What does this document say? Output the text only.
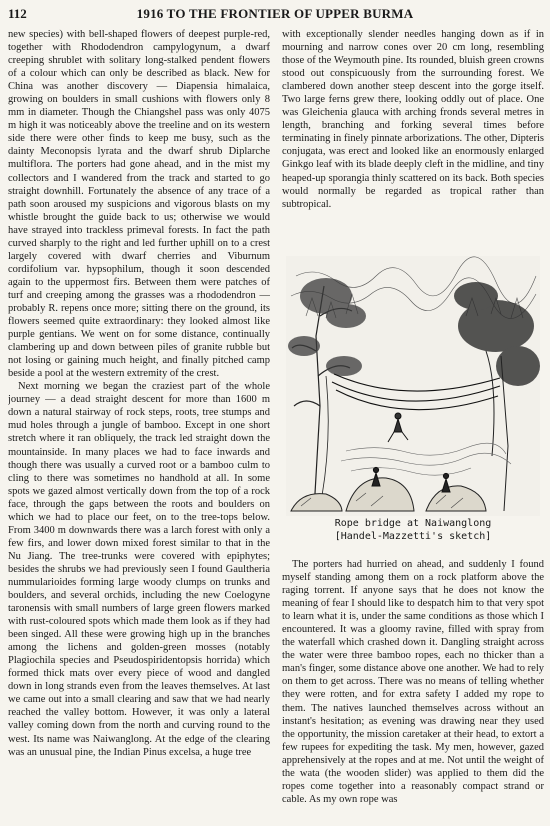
112	1916 TO THE FRONTIER OF UPPER BURMA

new species) with bell-shaped flowers of deepest purple-red, together with Rhododendron campylogynum, a dwarf creeping shrublet with solitary long-stalked pendent flowers of a colour which can only be described as black. New for China was another discovery — Diapensia himalaica, growing on boulders in small cushions with flowers only 8 mm in diameter. Though the Chiangshel pass was only 4075 m high it was noticeably above the treeline and on its western side there were other finds to keep me busy, such as the dainty Meconopsis lyrata and the dwarf shrub Diplarche multiflora. The porters had gone ahead, and in the mist my collectors and I wandered from the track and started to go straight downhill. Fortunately the absence of any trace of a path soon aroused my suspicions and vigorous blasts on my whistle brought the guide back to us; otherwise we would have strayed into trackless primeval forests. In fact the path curved sharply to the right and led further uphill on to a crest largely covered with dwarf cherries and Viburnum cordifolium var. hypsophilum, though it soon descended again to the uppermost firs. Between them were patches of turf and creeping among the grasses was a rhododendron — probably R. repens once more; sitting there on the ground, its flowers seemed quite extraordinary: they looked almost like purple gentians. We went on for some distance, continually clambering up and down between piles of granite rubble but not losing or gaining much height, and finally pitched camp beside a pool at the western extremity of the crest.

Next morning we began the craziest part of the whole journey — a dead straight descent for more than 1600 m down a natural stairway of rock steps, roots, tree stumps and mud holes through a jungle of bamboo. Except in one short stretch where it ran obliquely, the track led straight down the mountainside. In many places we had to face inwards and though there was usually a curved root or a bamboo culm to cling to there was sometimes no handhold at all. In some spots we gazed almost vertically down from the top of a rock face, through the gaps between the roots and boulders on which we had to place our feet, on to the tree-tops below. From 3400 m downwards there was a larch forest with only a few firs, and lower down mixed forest similar to that in the Nu Jiang. The tree-trunks were covered with epiphytes; besides the shrubs we had previously seen I found Gaultheria nummularioides forming large woody clumps on trunks and boulders, and several orchids, including the new Coelogyne taronensis with small numbers of large green flowers marked with rust-coloured spots which made them look as if they had been singed. All these were growing high up in the branches among the lichens and golden-green mosses (notably Plagiochila species and Pseudospiridentopsis horrida) which formed thick mats over every piece of wood and dangled down in long strands even from the leaves themselves. At last we came out into a small clearing and saw that we had nearly reached the valley bottom. However, it was only a lateral valley coming down from the north and curving round to the west. Its name was Naiwanglong. At the edge of the clearing was an unusual pine, the Indian Pinus excelsa, a huge tree

with exceptionally slender needles hanging down as if in mourning and narrow cones over 20 cm long, resembling those of the Weymouth pine. Its rounded, bluish green crowns stood out conspicuously from the surrounding forest. We clambered down another steep descent into the gorge itself. Two large ferns grew there, looking oddly out of place. One was Gleichenia glauca with arching fronds several metres in length, branching and forking several times before terminating in finely pinnate arborizations. The other, Dipteris conjugata, was erect and looked like an enormously enlarged Ginkgo leaf with its blade deeply cleft in the midline, and tiny heaped-up sporangia thinly scattered on its back. Both species would normally be regarded as tropical rather than subtropical.

Rope bridge at Naiwanglong
[Handel-Mazzetti's sketch]

The porters had hurried on ahead, and suddenly I found myself standing among them on a rock platform above the raging torrent. If anyone says that he does not know the meaning of fear I should like to despatch him to that very spot to learn what it is, under the same conditions as those which I encountered. It was a gloomy ravine, filled with spray from the waterfall which crashed down it. Dangling straight across the water were three bamboo ropes, each no thicker than a man's finger, some distance above one another. We had to rely on them to get across. There was no means of telling whether they were rotten, and for extra safety I added my rope to them. The natives launched themselves across without an instant's hesitation; as evening was drawing near they used the opportunity, the mission caretaker at their head, to extort a few rupees for expediting the task. My men, however, gazed apprehensively at the ropes and at me. Not until the weight of the wata (the wooden slider) was applied to them did the ropes come together into a reasonably compact strand or cable. As my own rope was
